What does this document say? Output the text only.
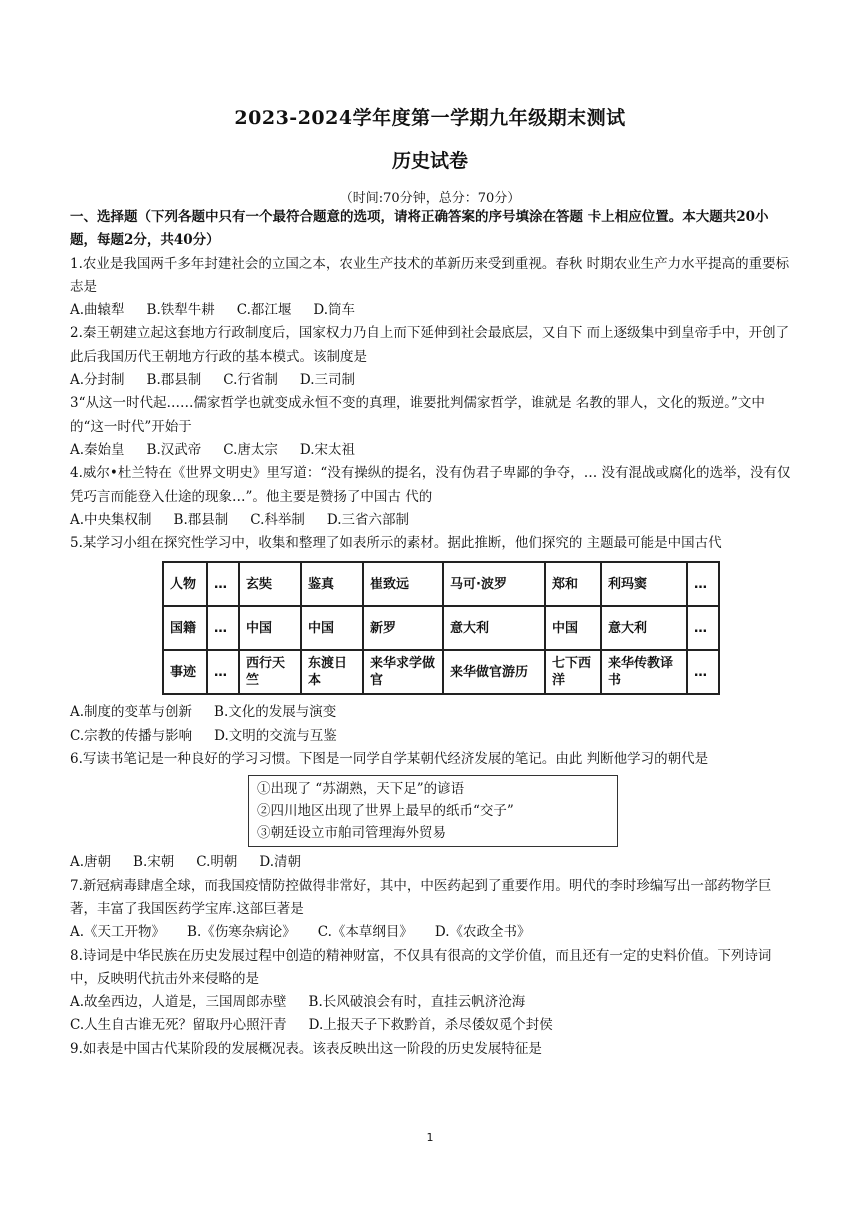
2023-2024学年度第一学期九年级期末测试
历史试卷
（时间:70分钟，总分：70分）

一、选择题（下列各题中只有一个最符合题意的选项，请将正确答案的序号填涂在答题 卡上相应位置。本大题共20小题，每题2分，共40分）

1.农业是我国两千多年封建社会的立国之本，农业生产技术的革新历来受到重视。春秋 时期农业生产力水平提高的重要标志是

A.曲辕犁 B.铁犁牛耕 C.都江堰 D.筒车

2.秦王朝建立起这套地方行政制度后，国家权力乃自上而下延伸到社会最底层，又自下 而上逐级集中到皇帝手中，开创了此后我国历代王朝地方行政的基本模式。该制度是

A.分封制 B.郡县制 C.行省制 D.三司制

3“从这一时代起……儒家哲学也就变成永恒不变的真理，谁要批判儒家哲学，谁就是 名教的罪人，文化的叛逆。”文中的“这一时代”开始于

A.秦始皇 B.汉武帝 C.唐太宗 D.宋太祖

4.威尔•杜兰特在《世界文明史》里写道：“没有操纵的提名，没有伪君子卑鄙的争夺，… 没有混战或腐化的选举，没有仅凭巧言而能登入仕途的现象…”。他主要是赞扬了中国古 代的

A.中央集权制 B.郡县制 C.科举制 D.三省六部制

5.某学习小组在探究性学习中，收集和整理了如表所示的素材。据此推断，他们探究的 主题最可能是中国古代

人物	…	玄奘	鉴真	崔致远	马可·波罗	郑和	利玛窦	…
国籍	…	中国	中国	新罗	意大利	中国	意大利	…
事迹	…	西行天竺	东渡日本	来华求学做官	来华做官游历	七下西洋	来华传教译书	…

A.制度的变革与创新 B.文化的发展与演变

C.宗教的传播与影响 D.文明的交流与互鉴

6.写读书笔记是一种良好的学习习惯。下图是一同学自学某朝代经济发展的笔记。由此 判断他学习的朝代是

①出现了 “苏湖熟，天下足”的谚语
②四川地区出现了世界上最早的纸币“交子”
③朝廷设立市舶司管理海外贸易

A.唐朝 B.宋朝 C.明朝 D.清朝

7.新冠病毒肆虐全球，而我国疫情防控做得非常好，其中，中医药起到了重要作用。明代的李时珍编写出一部药物学巨著，丰富了我国医药学宝库.这部巨著是

A.《天工开物》 B.《伤寒杂病论》 C.《本草纲目》 D.《农政全书》

8.诗词是中华民族在历史发展过程中创造的精神财富，不仅具有很高的文学价值，而且还有一定的史料价值。下列诗词中，反映明代抗击外来侵略的是

A.故垒西边，人道是，三国周郎赤壁 B.长风破浪会有时，直挂云帆济沧海

C.人生自古谁无死？留取丹心照汗青 D.上报天子下救黔首，杀尽倭奴觅个封侯

9.如表是中国古代某阶段的发展概况表。该表反映出这一阶段的历史发展特征是

1
